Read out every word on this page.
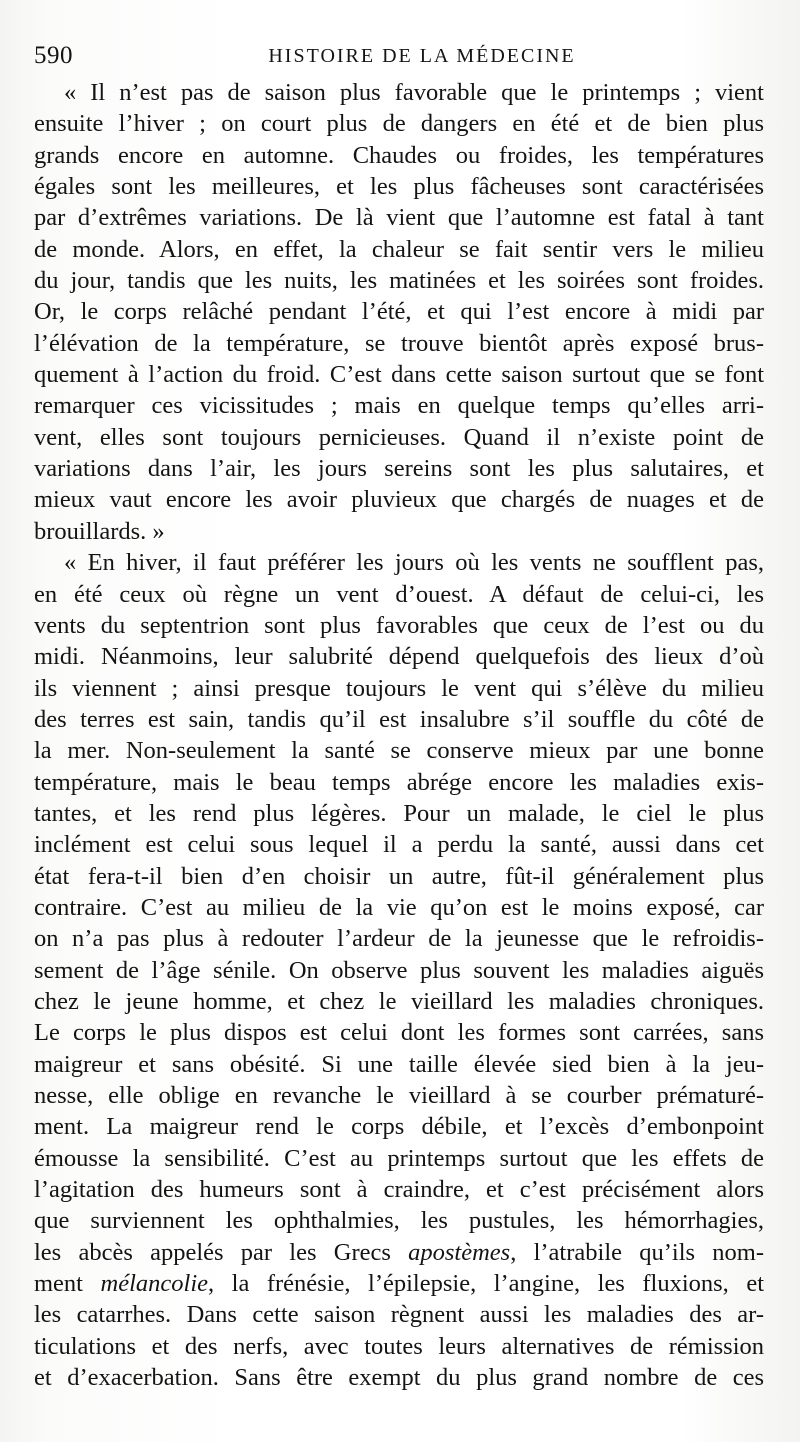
590	HISTOIRE DE LA MÉDECINE
« Il n’est pas de saison plus favorable que le printemps ; vient
ensuite l’hiver ; on court plus de dangers en été et de bien plus
grands encore en automne. Chaudes ou froides, les températures
égales sont les meilleures, et les plus fâcheuses sont caractérisées
par d’extrêmes variations. De là vient que l’automne est fatal à tant
de monde. Alors, en effet, la chaleur se fait sentir vers le milieu
du jour, tandis que les nuits, les matinées et les soirées sont froides.
Or, le corps relâché pendant l’été, et qui l’est encore à midi par
l’élévation de la température, se trouve bientôt après exposé brus-
quement à l’action du froid. C’est dans cette saison surtout que se font
remarquer ces vicissitudes ; mais en quelque temps qu’elles arri-
vent, elles sont toujours pernicieuses. Quand il n’existe point de
variations dans l’air, les jours sereins sont les plus salutaires, et
mieux vaut encore les avoir pluvieux que chargés de nuages et de
brouillards. »
« En hiver, il faut préférer les jours où les vents ne soufflent pas,
en été ceux où règne un vent d’ouest. A défaut de celui-ci, les
vents du septentrion sont plus favorables que ceux de l’est ou du
midi. Néanmoins, leur salubrité dépend quelquefois des lieux d’où
ils viennent ; ainsi presque toujours le vent qui s’élève du milieu
des terres est sain, tandis qu’il est insalubre s’il souffle du côté de
la mer. Non-seulement la santé se conserve mieux par une bonne
température, mais le beau temps abrége encore les maladies exis-
tantes, et les rend plus légères. Pour un malade, le ciel le plus
inclément est celui sous lequel il a perdu la santé, aussi dans cet
état fera-t-il bien d’en choisir un autre, fût-il généralement plus
contraire. C’est au milieu de la vie qu’on est le moins exposé, car
on n’a pas plus à redouter l’ardeur de la jeunesse que le refroidis-
sement de l’âge sénile. On observe plus souvent les maladies aiguës
chez le jeune homme, et chez le vieillard les maladies chroniques.
Le corps le plus dispos est celui dont les formes sont carrées, sans
maigreur et sans obésité. Si une taille élevée sied bien à la jeu-
nesse, elle oblige en revanche le vieillard à se courber prématuré-
ment. La maigreur rend le corps débile, et l’excès d’embonpoint
émousse la sensibilité. C’est au printemps surtout que les effets de
l’agitation des humeurs sont à craindre, et c’est précisément alors
que surviennent les ophthalmies, les pustules, les hémorrhagies,
les abcès appelés par les Grecs apostèmes, l’atrabile qu’ils nom-
ment mélancolie, la frénésie, l’épilepsie, l’angine, les fluxions, et
les catarrhes. Dans cette saison règnent aussi les maladies des ar-
ticulations et des nerfs, avec toutes leurs alternatives de rémission
et d’exacerbation. Sans être exempt du plus grand nombre de ces
